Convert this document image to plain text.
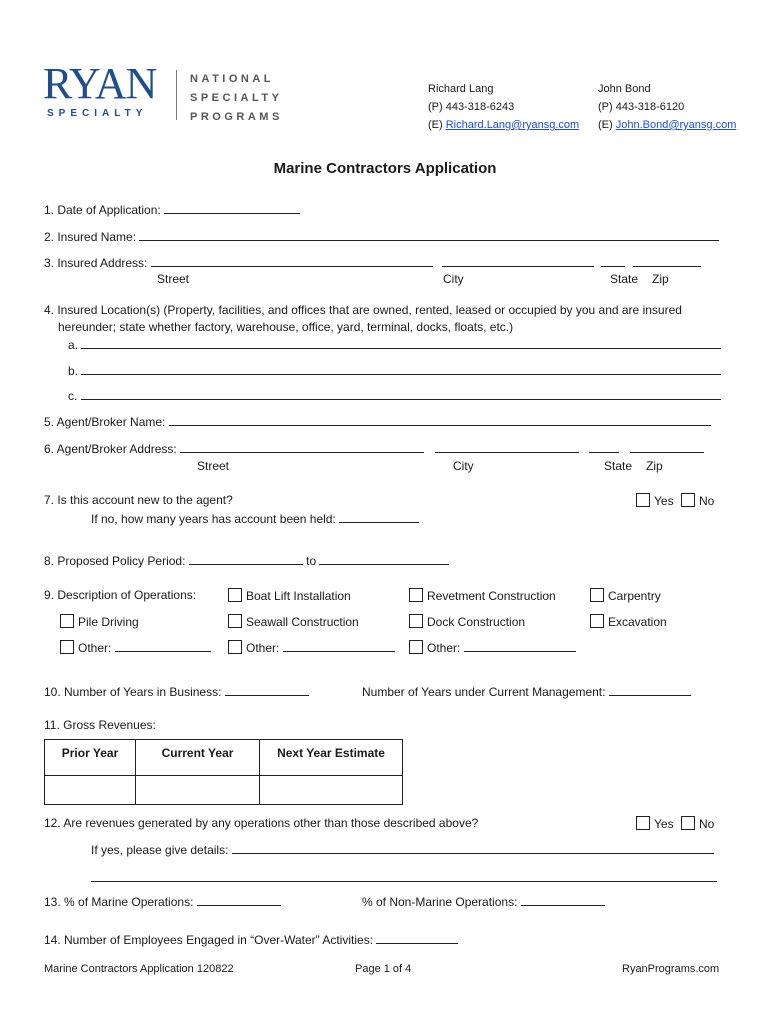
RYAN
SPECIALTY
NATIONAL
SPECIALTY
PROGRAMS
Richard Lang
(P) 443-318-6243
(E) Richard.Lang@ryansg.com
John Bond
(P) 443-318-6120
(E) John.Bond@ryansg.com
Marine Contractors Application
1. Date of Application:
2. Insured Name:
3. Insured Address:
Street	City	State Zip
4. Insured Location(s) (Property, facilities, and offices that are owned, rented, leased or occupied by you and are insured
hereunder; state whether factory, warehouse, office, yard, terminal, docks, floats, etc.)
a.
b.
c.
5. Agent/Broker Name:
6. Agent/Broker Address:
Street	City	State Zip
7. Is this account new to the agent?	Yes	No
If no, how many years has account been held:
8. Proposed Policy Period:	to
9. Description of Operations:	Boat Lift Installation	Revetment Construction	Carpentry
Pile Driving	Seawall Construction	Dock Construction	Excavation
Other:	Other:	Other:
10. Number of Years in Business:	Number of Years under Current Management:
11. Gross Revenues:
Prior Year	Current Year	Next Year Estimate

12. Are revenues generated by any operations other than those described above?	Yes	No
If yes, please give details:
13. % of Marine Operations:	% of Non-Marine Operations:
14. Number of Employees Engaged in “Over-Water” Activities:
Marine Contractors Application 120822	Page 1 of 4	RyanPrograms.com
